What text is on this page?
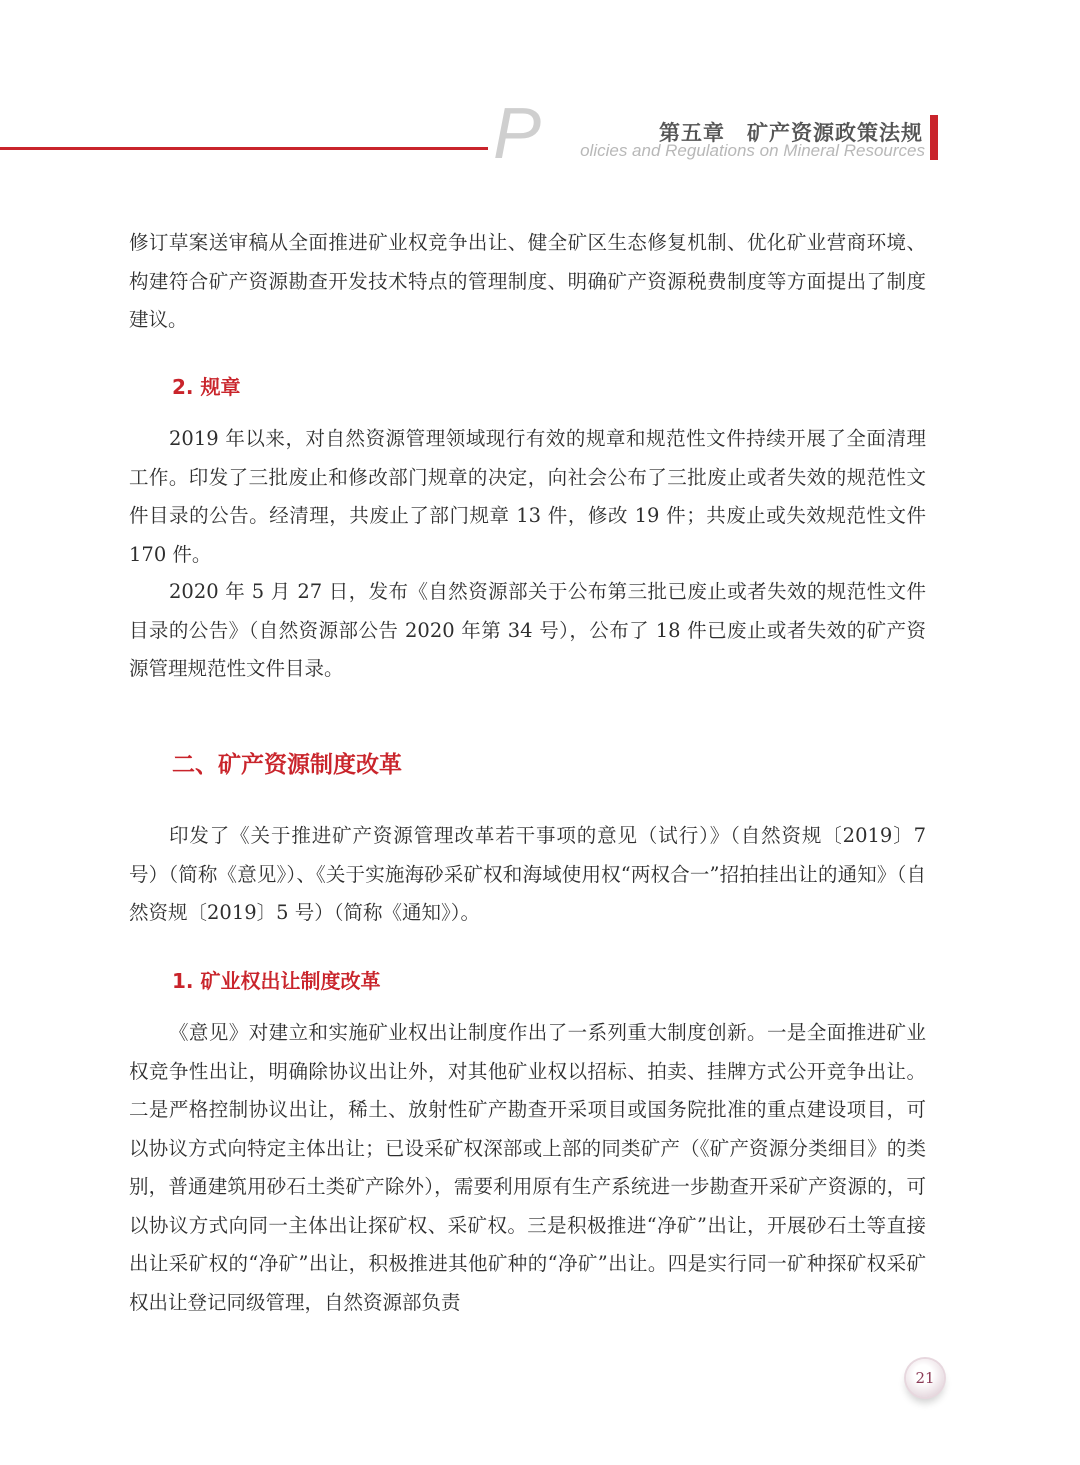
P	第五章　矿产资源政策法规
olicies and Regulations on Mineral Resources

修订草案送审稿从全面推进矿业权竞争出让、健全矿区生态修复机制、优化矿业营商环境、构建符合矿产资源勘查开发技术特点的管理制度、明确矿产资源税费制度等方面提出了制度建议。

2. 规章

2019 年以来，对自然资源管理领域现行有效的规章和规范性文件持续开展了全面清理工作。印发了三批废止和修改部门规章的决定，向社会公布了三批废止或者失效的规范性文件目录的公告。经清理，共废止了部门规章 13 件，修改 19 件；共废止或失效规范性文件 170 件。

2020 年 5 月 27 日，发布《自然资源部关于公布第三批已废止或者失效的规范性文件目录的公告》（自然资源部公告 2020 年第 34 号），公布了 18 件已废止或者失效的矿产资源管理规范性文件目录。

二、矿产资源制度改革

印发了《关于推进矿产资源管理改革若干事项的意见（试行）》（自然资规〔2019〕7 号）（简称《意见》）、《关于实施海砂采矿权和海域使用权“两权合一”招拍挂出让的通知》（自然资规〔2019〕5 号）（简称《通知》）。

1. 矿业权出让制度改革

《意见》对建立和实施矿业权出让制度作出了一系列重大制度创新。一是全面推进矿业权竞争性出让，明确除协议出让外，对其他矿业权以招标、拍卖、挂牌方式公开竞争出让。二是严格控制协议出让，稀土、放射性矿产勘查开采项目或国务院批准的重点建设项目，可以协议方式向特定主体出让；已设采矿权深部或上部的同类矿产（《矿产资源分类细目》的类别，普通建筑用砂石土类矿产除外），需要利用原有生产系统进一步勘查开采矿产资源的，可以协议方式向同一主体出让探矿权、采矿权。三是积极推进“净矿”出让，开展砂石土等直接出让采矿权的“净矿”出让，积极推进其他矿种的“净矿”出让。四是实行同一矿种探矿权采矿权出让登记同级管理，自然资源部负责

21
